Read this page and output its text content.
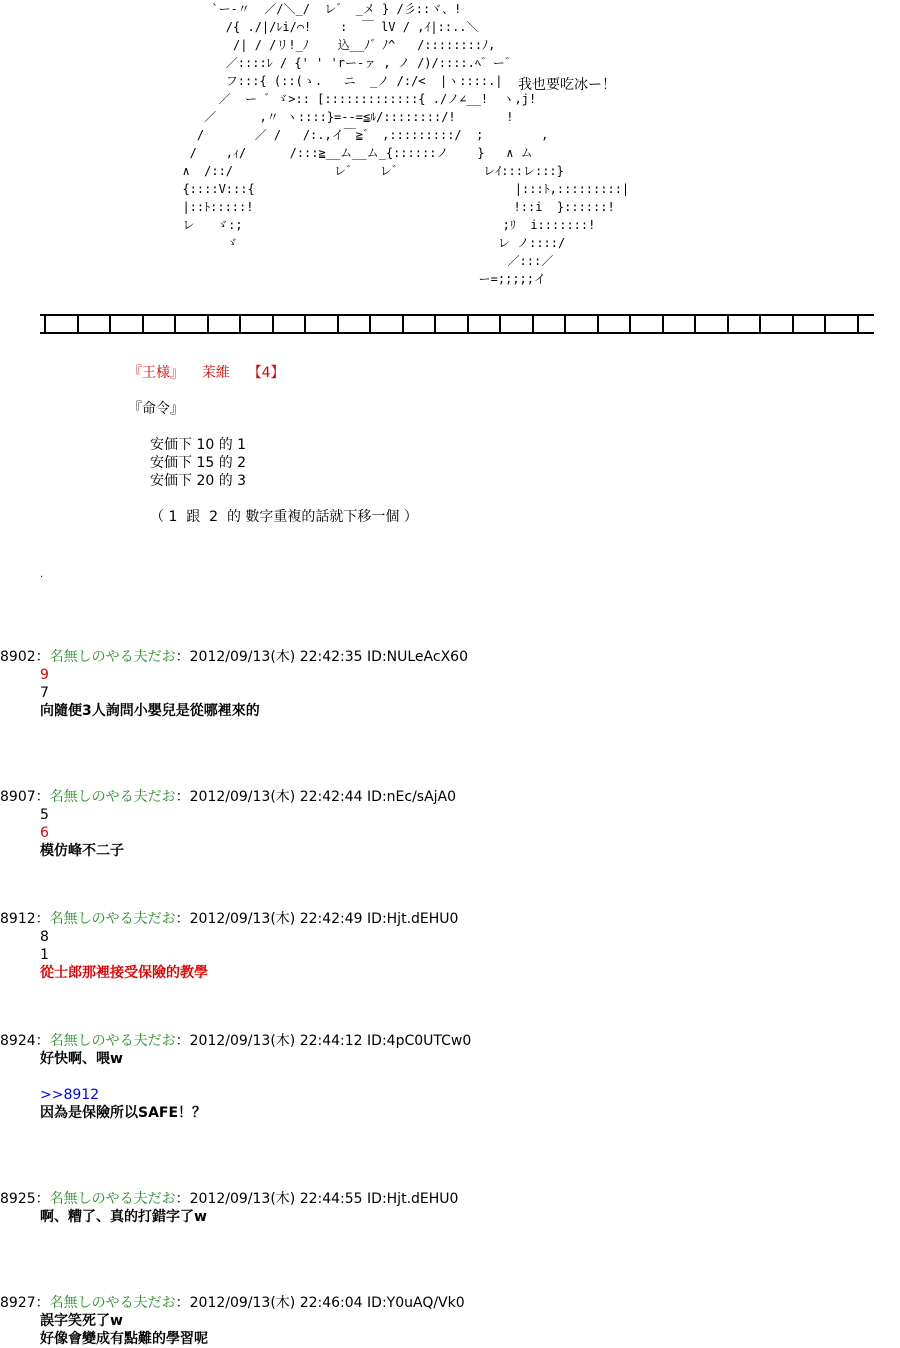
`ー-〃  ／/＼_/  レ゛ _メ } /彡::ヾ、!
/{ ./|/ﾚi/⌒!    :  ￣ lV / ,ｲ|::..＼
/| / /リ!_ﾉ    込__ﾉ゛ﾉ^   /::::::::ﾉ,
／::::ﾚ / {' ' 'rー-ァ , ノ /)/::::.ﾍ゛ー゛
フ:::{ (::(ゝ.   ニ  _ノ /:/<  |ヽ::::.|
／  ー ゛ゞ>:: [:::::::::::::{ ./ノ∠__!  ヽ,j!
／      ,〃 ヽ::::}=--=≦ﾙ/::::::::/!       !
/       ／ /   /:.,イ￣≧゛ ,:::::::::/  ;        ,
/    ,ｨ/      /:::≧__ム__ム_{::::::ノ    }   ∧ ム
∧  /::/              レ゛   レ゛           レｲ:::レ:::}
{::::V:::{                                    |:::ﾄ,:::::::::|
|::ﾄ:::::!                                    !::i  }::::::!
レ   ゞ:;                                    ;ﾘ  i:::::::!
ゞ                                    レ ノ::::/
／:::／
ー=;;;;;イ
我也要吃冰ー！
『王様』    茉維    【4】
『命令』
安価下 10 的 1
安価下 15 的 2
安価下 20 的 3
（ 1  跟  2  的 數字重複的話就下移一個 ）
.
8902：名無しのやる夫だお：2012/09/13(木) 22:42:35 ID:NULeAcX60
9
7
向隨便3人詢問小嬰兒是從哪裡來的
8907：名無しのやる夫だお：2012/09/13(木) 22:42:44 ID:nEc/sAjA0
5
6
模仿峰不二子
8912：名無しのやる夫だお：2012/09/13(木) 22:42:49 ID:Hjt.dEHU0
8
1
從士郎那裡接受保險的教學
8924：名無しのやる夫だお：2012/09/13(木) 22:44:12 ID:4pC0UTCw0
好快啊、喂w
>>8912
因為是保險所以SAFE！？
8925：名無しのやる夫だお：2012/09/13(木) 22:44:55 ID:Hjt.dEHU0
啊、糟了、真的打錯字了w
8927：名無しのやる夫だお：2012/09/13(木) 22:46:04 ID:Y0uAQ/Vk0
誤字笑死了w
好像會變成有點難的學習呢
